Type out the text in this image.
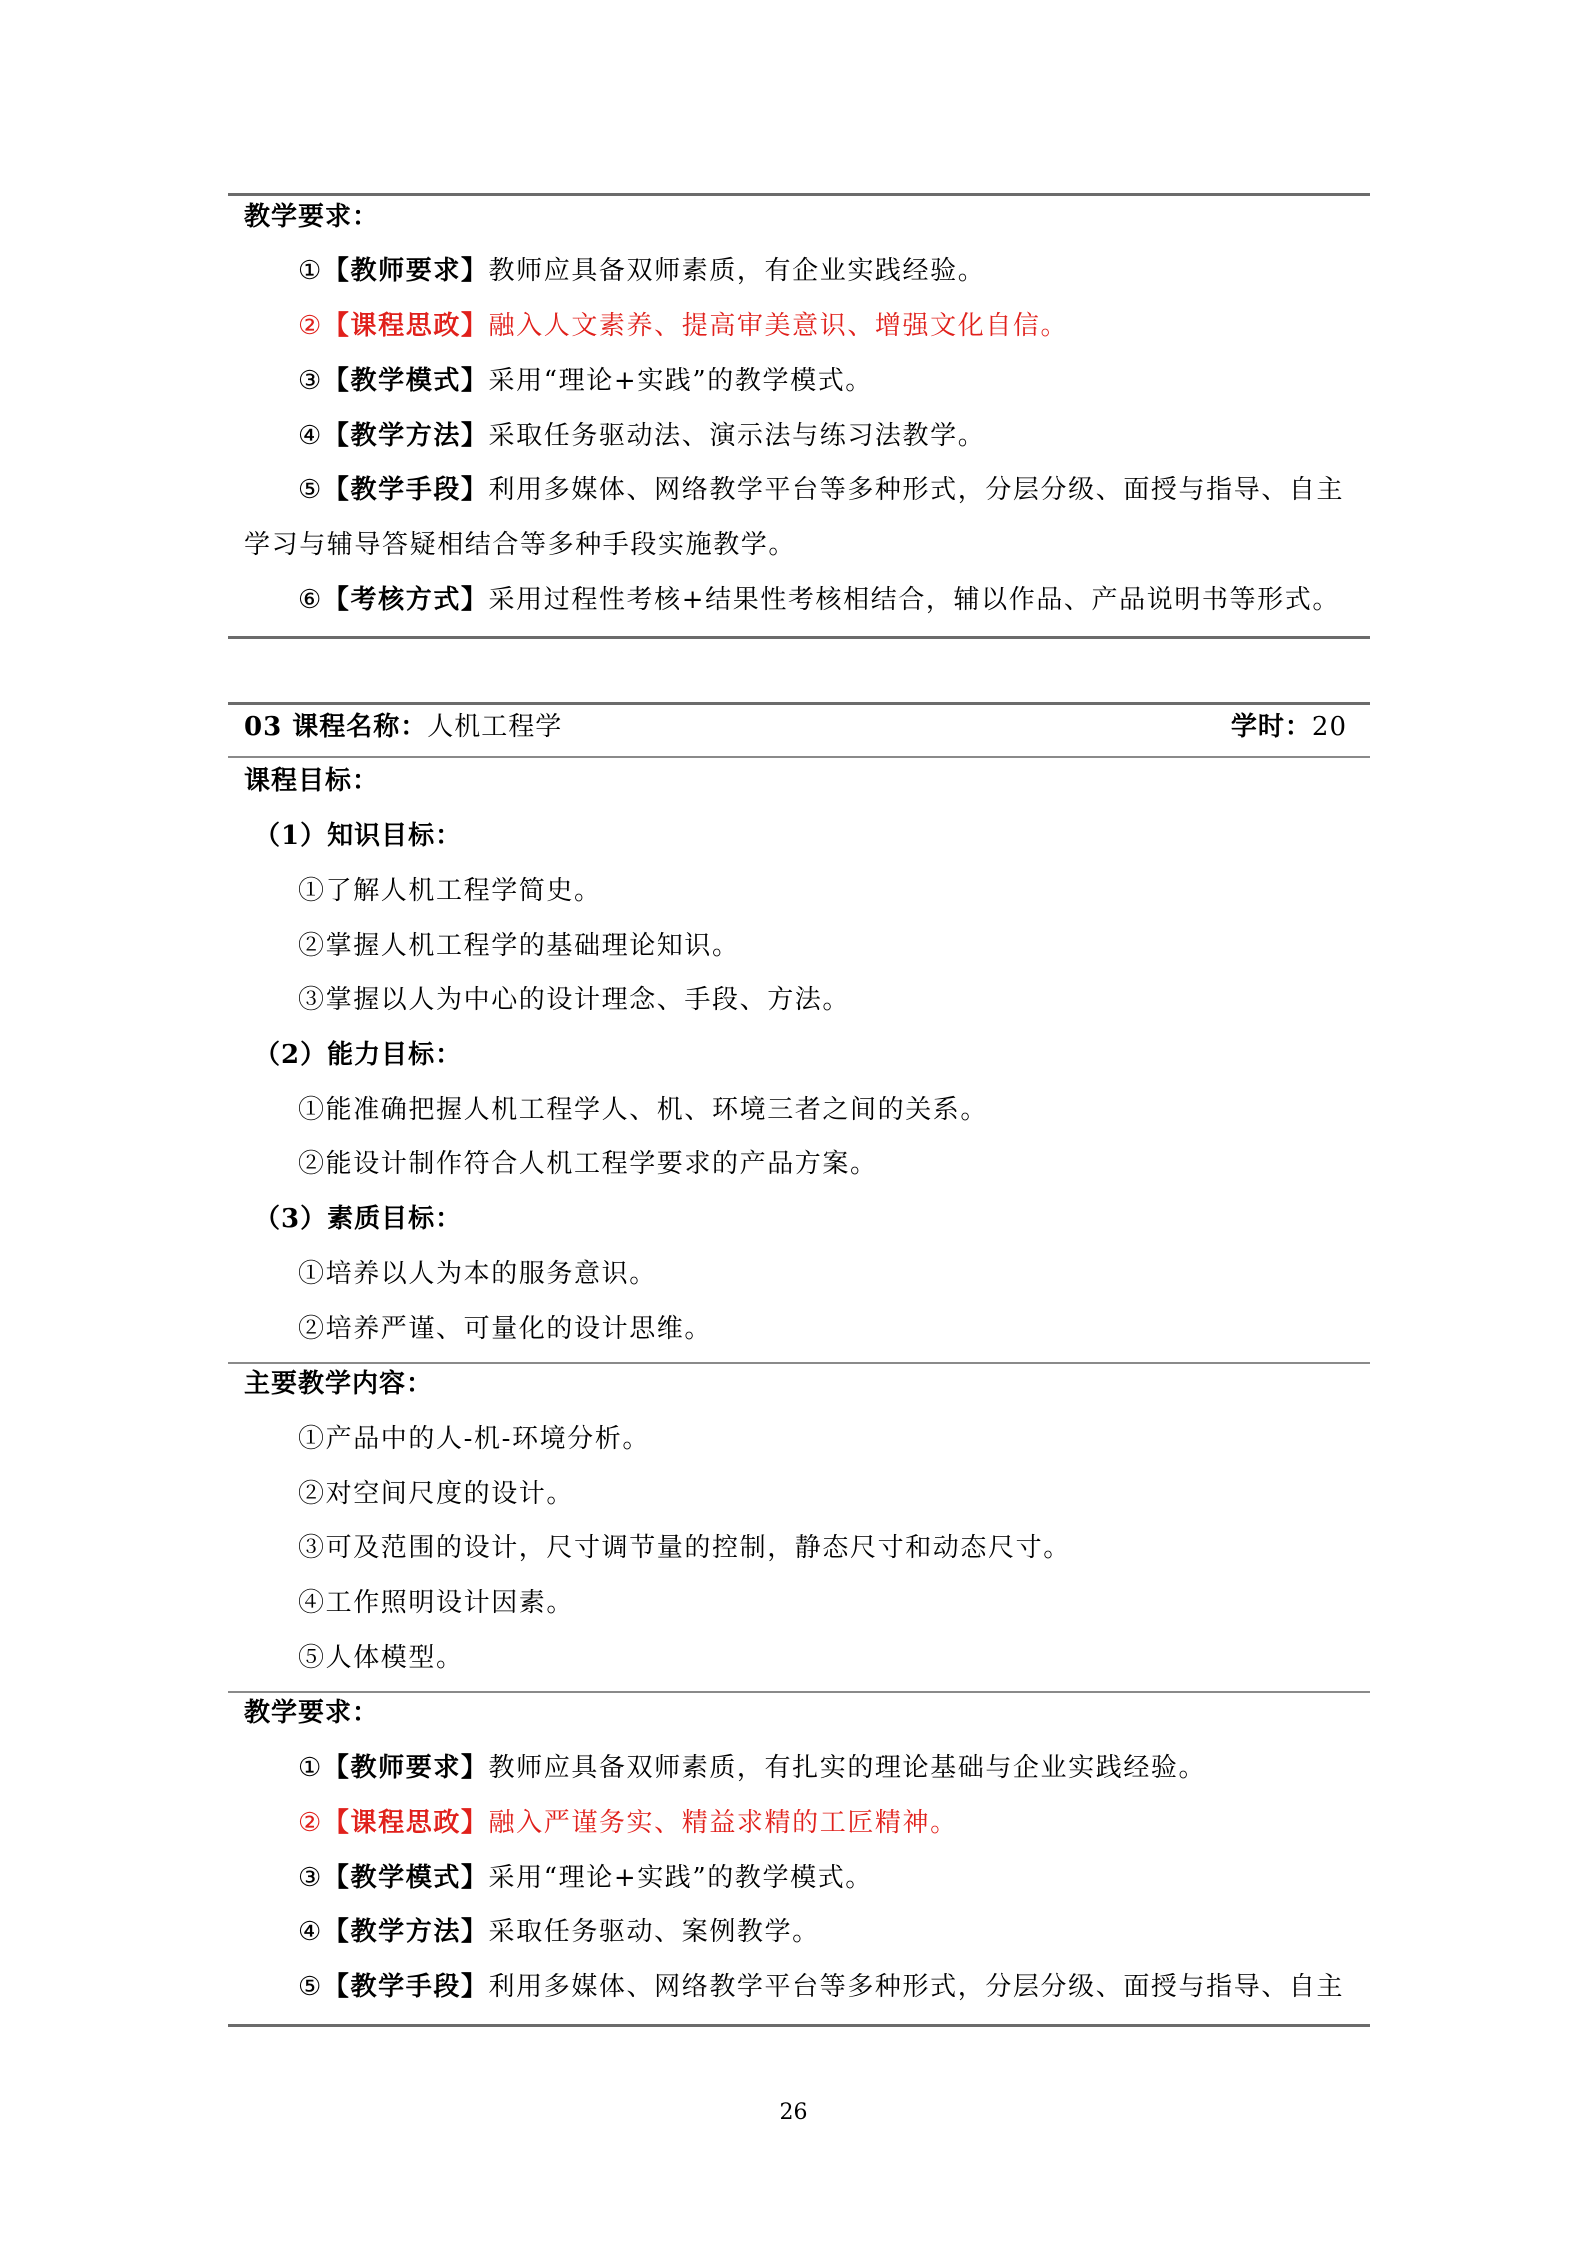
教学要求：
①【教师要求】教师应具备双师素质，有企业实践经验。
②【课程思政】融入人文素养、提高审美意识、增强文化自信。
③【教学模式】采用“理论+实践”的教学模式。
④【教学方法】采取任务驱动法、演示法与练习法教学。
⑤【教学手段】利用多媒体、网络教学平台等多种形式，分层分级、面授与指导、自主
学习与辅导答疑相结合等多种手段实施教学。
⑥【考核方式】采用过程性考核+结果性考核相结合，辅以作品、产品说明书等形式。
03 课程名称：人机工程学	学时：20
课程目标：
（1）知识目标：
①了解人机工程学简史。
②掌握人机工程学的基础理论知识。
③掌握以人为中心的设计理念、手段、方法。
（2）能力目标：
①能准确把握人机工程学人、机、环境三者之间的关系。
②能设计制作符合人机工程学要求的产品方案。
（3）素质目标：
①培养以人为本的服务意识。
②培养严谨、可量化的设计思维。
主要教学内容：
①产品中的人-机-环境分析。
②对空间尺度的设计。
③可及范围的设计，尺寸调节量的控制，静态尺寸和动态尺寸。
④工作照明设计因素。
⑤人体模型。
教学要求：
①【教师要求】教师应具备双师素质，有扎实的理论基础与企业实践经验。
②【课程思政】融入严谨务实、精益求精的工匠精神。
③【教学模式】采用“理论+实践”的教学模式。
④【教学方法】采取任务驱动、案例教学。
⑤【教学手段】利用多媒体、网络教学平台等多种形式，分层分级、面授与指导、自主
26
